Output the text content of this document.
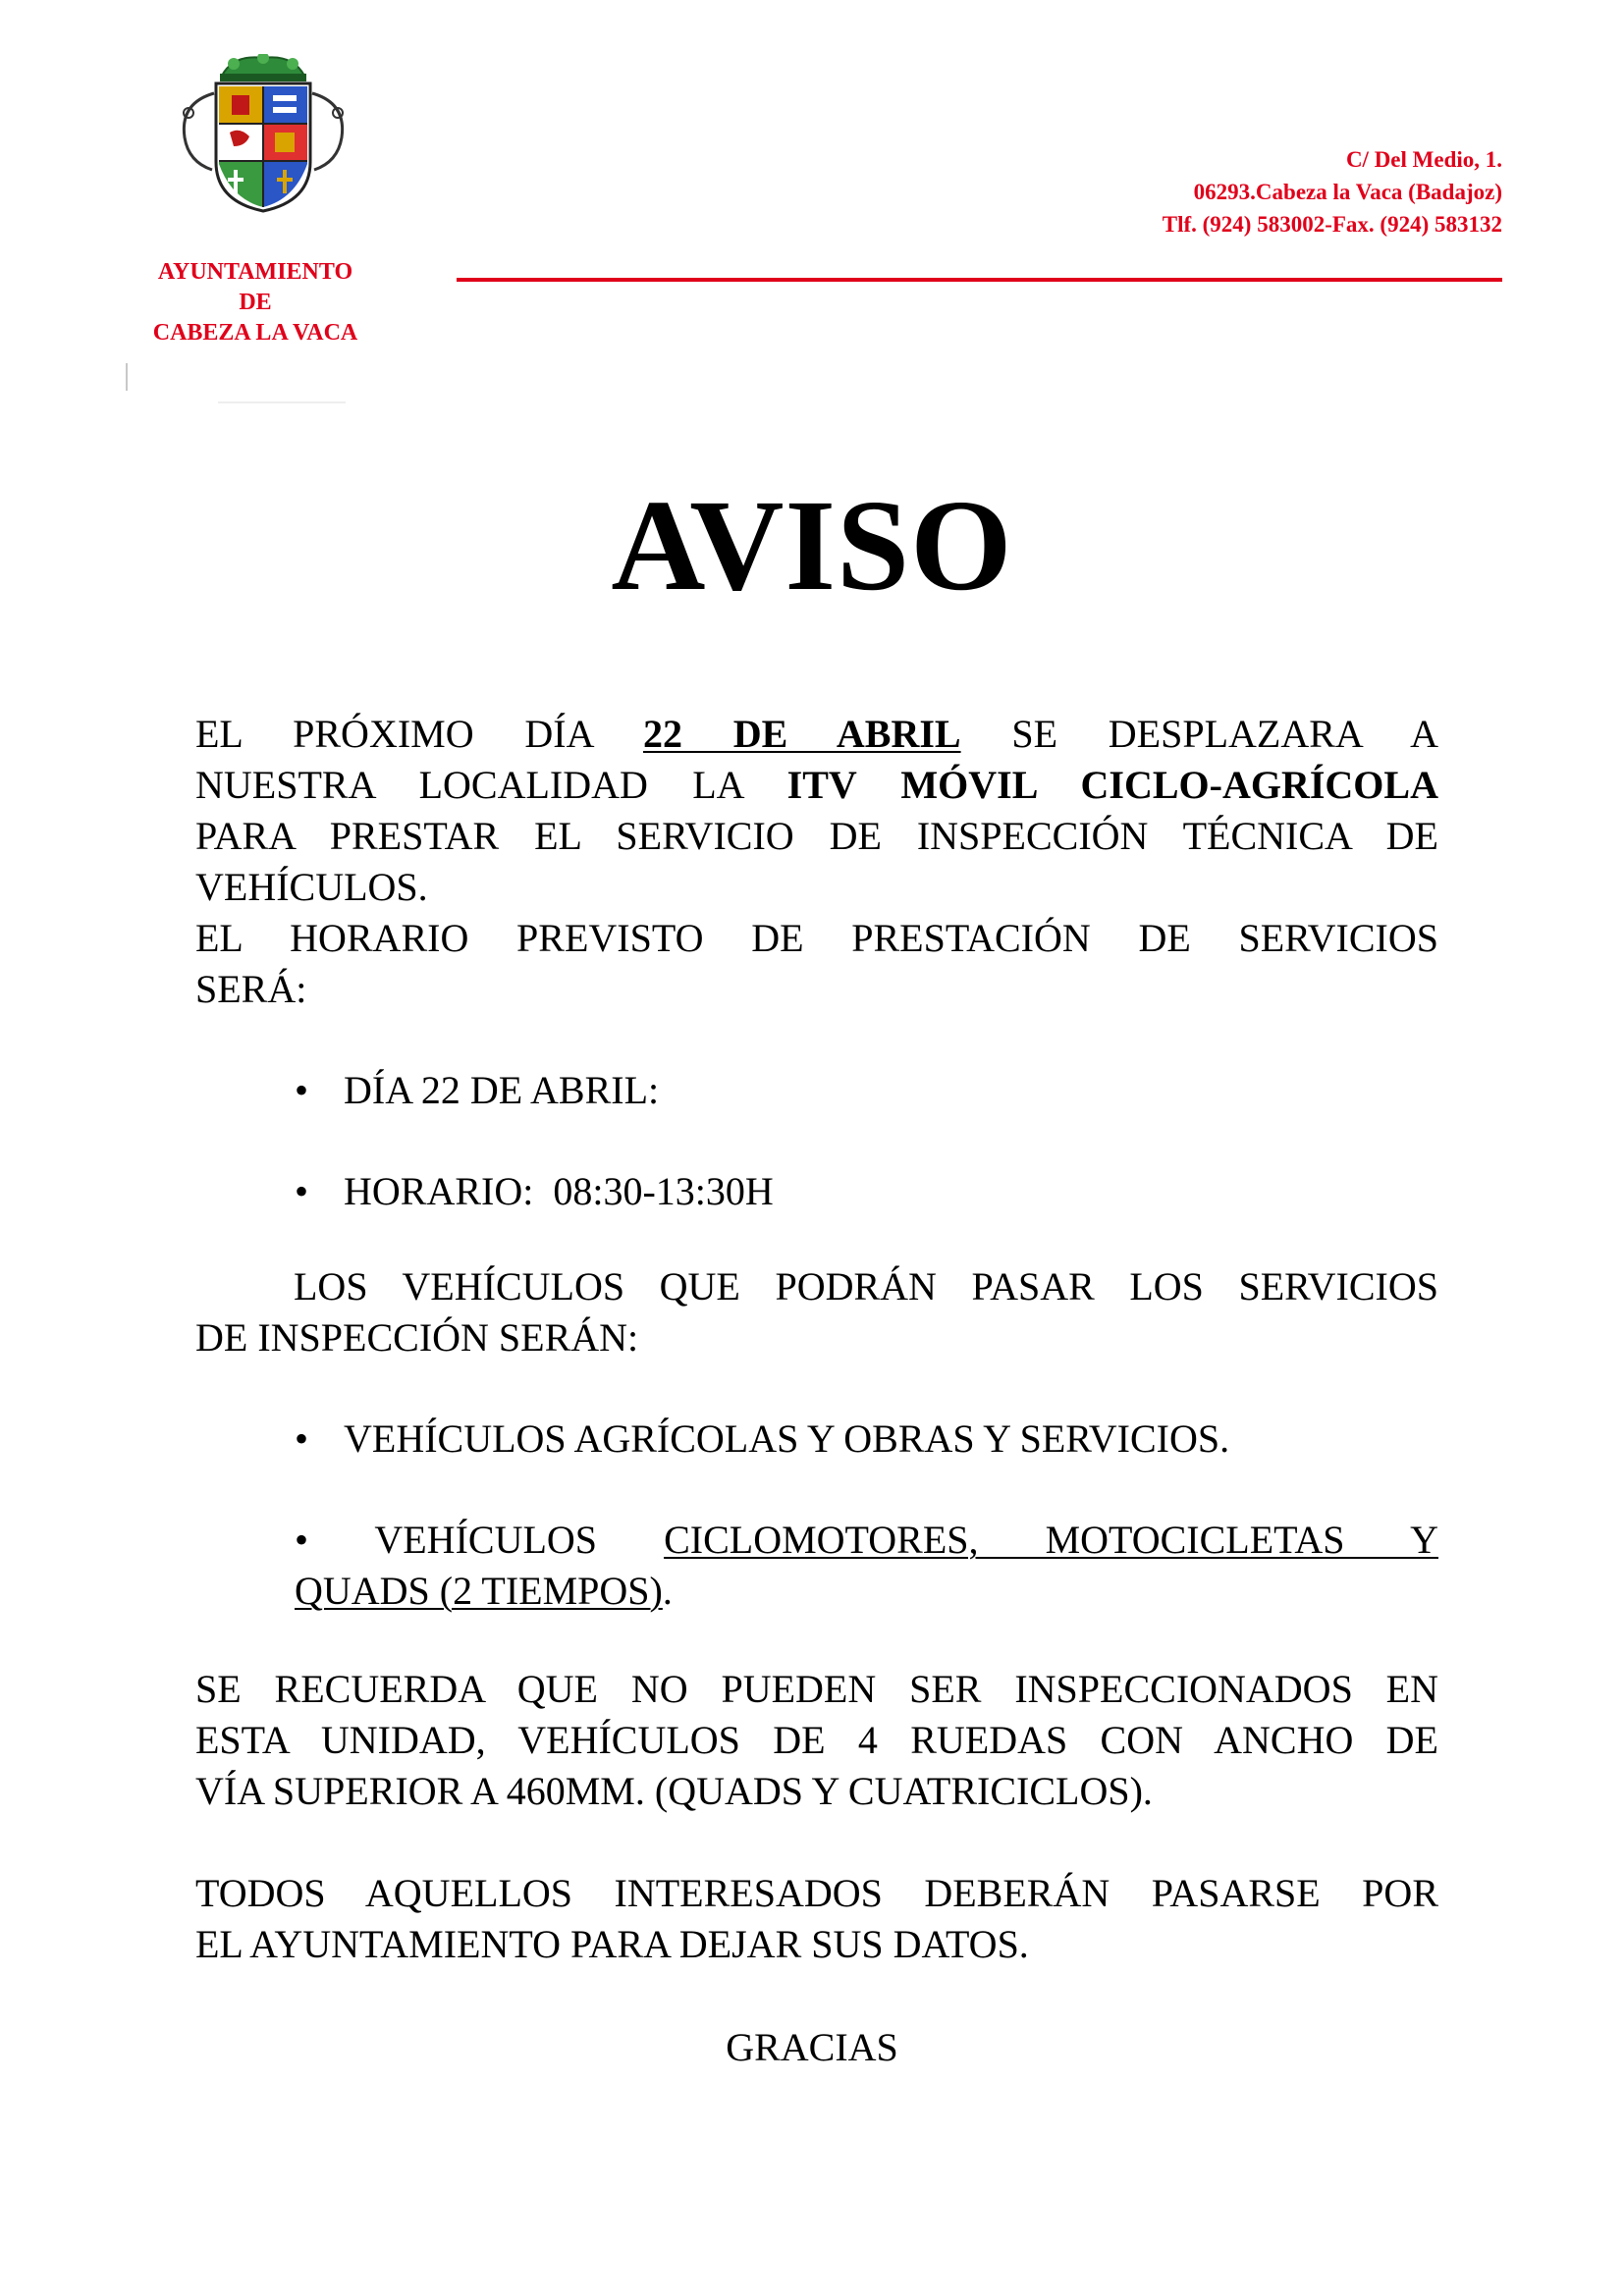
AYUNTAMIENTO
DE
CABEZA LA VACA
C/ Del Medio, 1.
06293.Cabeza la Vaca (Badajoz)
Tlf. (924) 583002-Fax. (924) 583132
AVISO
EL PRÓXIMO DÍA 22 DE ABRIL SE DESPLAZARA A
NUESTRA LOCALIDAD LA ITV MÓVIL CICLO-AGRÍCOLA
PARA PRESTAR EL SERVICIO DE INSPECCIÓN TÉCNICA DE
VEHÍCULOS.
EL HORARIO PREVISTO DE PRESTACIÓN DE SERVICIOS
SERÁ:
• DÍA 22 DE ABRIL:
• HORARIO:  08:30-13:30H
LOS VEHÍCULOS QUE PODRÁN PASAR LOS SERVICIOS
DE INSPECCIÓN SERÁN:
• VEHÍCULOS AGRÍCOLAS Y OBRAS Y SERVICIOS.
• VEHÍCULOS CICLOMOTORES, MOTOCICLETAS Y
QUADS (2 TIEMPOS).
SE RECUERDA QUE NO PUEDEN SER INSPECCIONADOS EN
ESTA UNIDAD, VEHÍCULOS DE 4 RUEDAS CON ANCHO DE
VÍA SUPERIOR A 460MM. (QUADS Y CUATRICICLOS).
TODOS AQUELLOS INTERESADOS DEBERÁN PASARSE POR
EL AYUNTAMIENTO PARA DEJAR SUS DATOS.
GRACIAS
